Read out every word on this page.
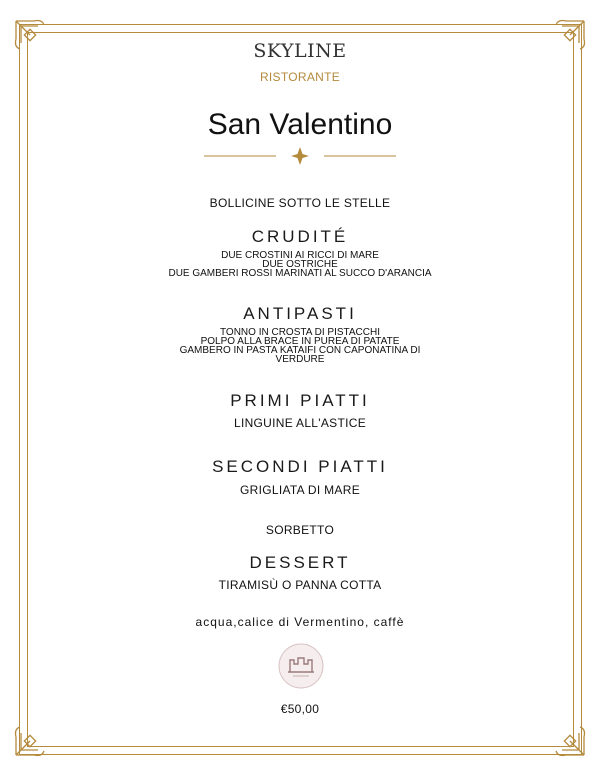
SKYLINE
RISTORANTE
San Valentino
BOLLICINE SOTTO LE STELLE
CRUDITÉ
DUE CROSTINI AI RICCI DI MARE
DUE OSTRICHE
DUE GAMBERI ROSSI MARINATI AL SUCCO D'ARANCIA
ANTIPASTI
TONNO IN CROSTA DI PISTACCHI
POLPO ALLA BRACE IN PUREA DI PATATE
GAMBERO IN PASTA KATAIFI CON CAPONATINA DI
VERDURE
PRIMI PIATTI
LINGUINE ALL'ASTICE
SECONDI PIATTI
GRIGLIATA DI MARE
SORBETTO
DESSERT
TIRAMISÙ O PANNA COTTA
acqua,calice di Vermentino, caffè
€50,00
